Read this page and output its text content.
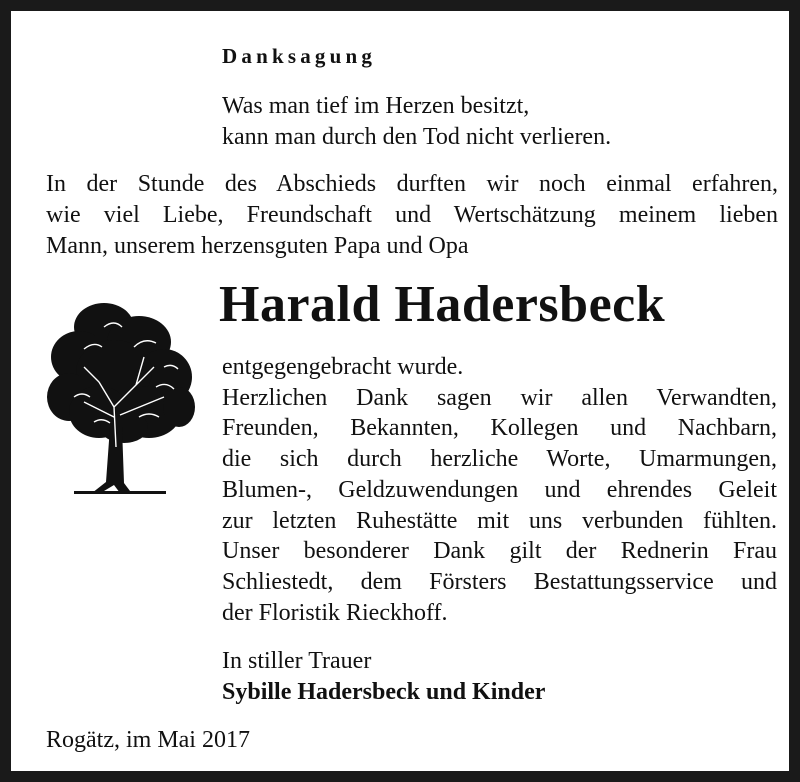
Danksagung
Was man tief im Herzen besitzt,
kann man durch den Tod nicht verlieren.
In der Stunde des Abschieds durften wir noch einmal erfahren,
wie viel Liebe, Freundschaft und Wertschätzung meinem lieben
Mann, unserem herzensguten Papa und Opa
Harald Hadersbeck
entgegengebracht wurde.
Herzlichen Dank sagen wir allen Verwandten,
Freunden, Bekannten, Kollegen und Nachbarn,
die sich durch herzliche Worte, Umarmungen,
Blumen-, Geldzuwendungen und ehrendes Geleit
zur letzten Ruhestätte mit uns verbunden fühlten.
Unser besonderer Dank gilt der Rednerin Frau
Schliestedt, dem Försters Bestattungsservice und
der Floristik Rieckhoff.
In stiller Trauer
Sybille Hadersbeck und Kinder
Rogätz, im Mai 2017
